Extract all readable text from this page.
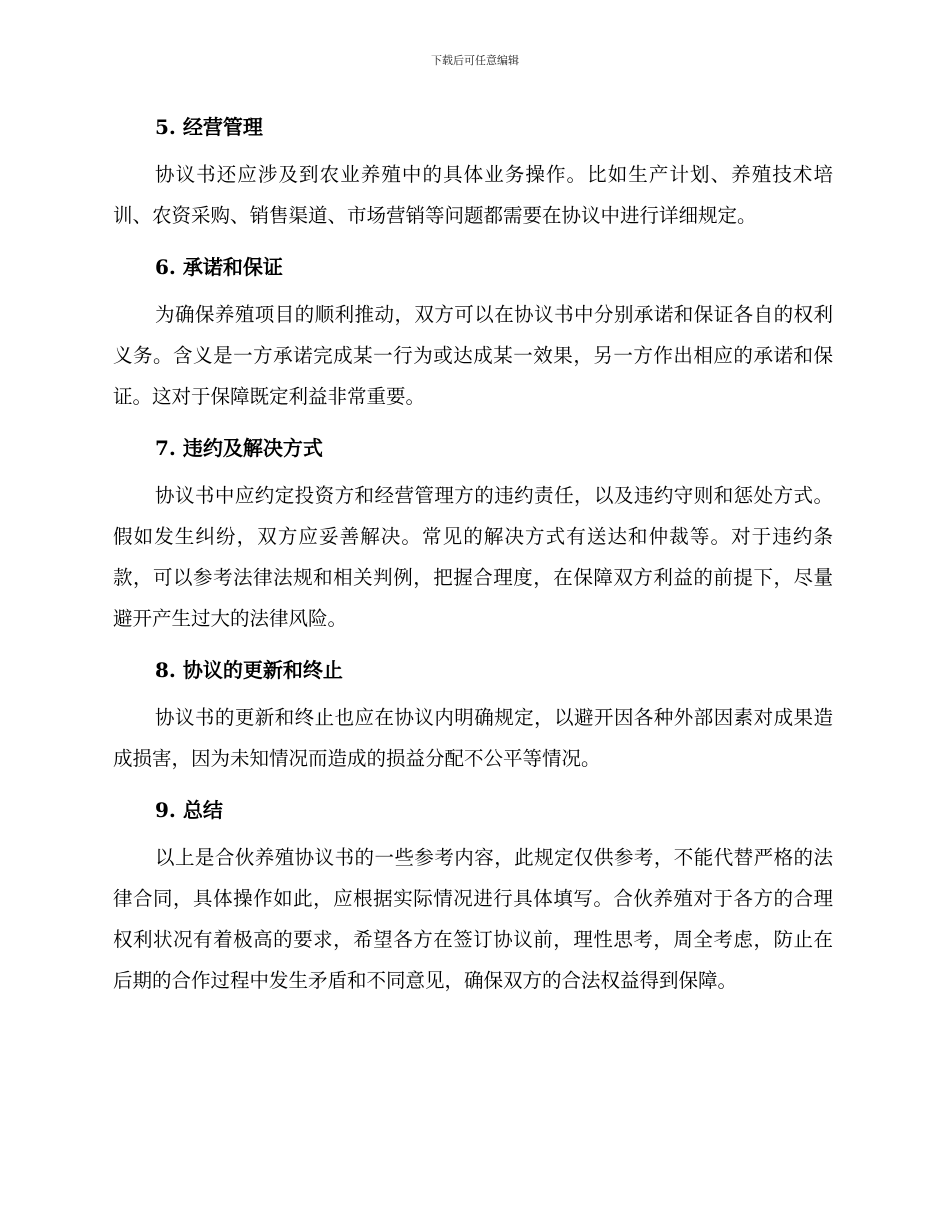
下载后可任意编辑
5. 经营管理

协议书还应涉及到农业养殖中的具体业务操作。比如生产计划、养殖技术培训、农资采购、销售渠道、市场营销等问题都需要在协议中进行详细规定。

6. 承诺和保证

为确保养殖项目的顺利推动，双方可以在协议书中分别承诺和保证各自的权利义务。含义是一方承诺完成某一行为或达成某一效果，另一方作出相应的承诺和保证。这对于保障既定利益非常重要。

7. 违约及解决方式

协议书中应约定投资方和经营管理方的违约责任，以及违约守则和惩处方式。假如发生纠纷，双方应妥善解决。常见的解决方式有送达和仲裁等。对于违约条款，可以参考法律法规和相关判例，把握合理度，在保障双方利益的前提下，尽量避开产生过大的法律风险。

8. 协议的更新和终止

协议书的更新和终止也应在协议内明确规定，以避开因各种外部因素对成果造成损害，因为未知情况而造成的损益分配不公平等情况。

9. 总结

以上是合伙养殖协议书的一些参考内容，此规定仅供参考，不能代替严格的法律合同，具体操作如此，应根据实际情况进行具体填写。合伙养殖对于各方的合理权利状况有着极高的要求，希望各方在签订协议前，理性思考，周全考虑，防止在后期的合作过程中发生矛盾和不同意见，确保双方的合法权益得到保障。
